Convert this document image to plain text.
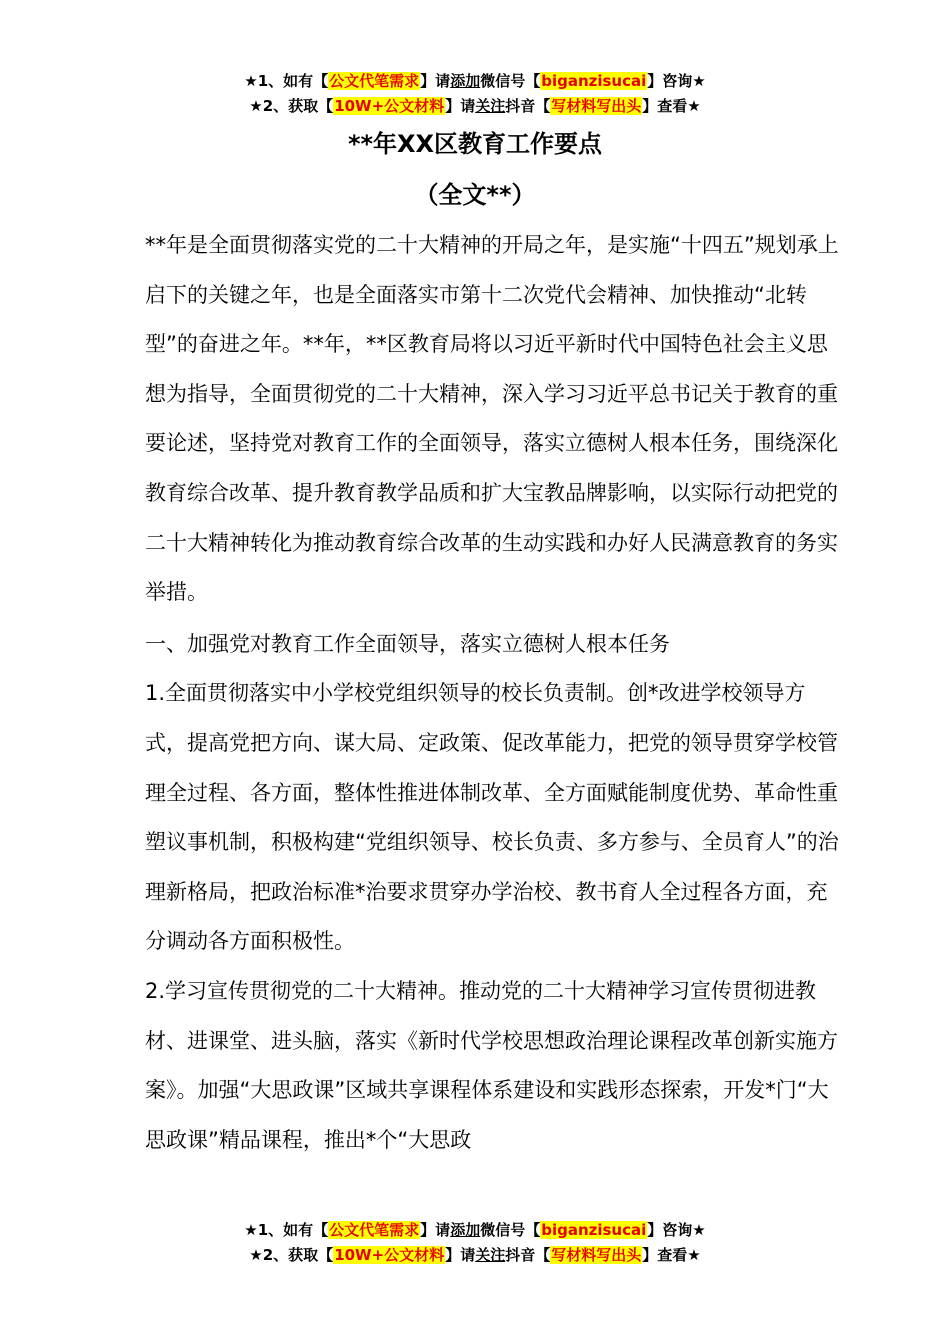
★1、如有【公文代笔需求】请添加微信号【biganzisucai】咨询★
★2、获取【10W+公文材料】请关注抖音【写材料写出头】查看★
**年XX区教育工作要点
（全文**）

**年是全面贯彻落实党的二十大精神的开局之年，是实施“十四五”规划承上启下的关键之年，也是全面落实市第十二次党代会精神、加快推动“北转型”的奋进之年。**年，**区教育局将以习近平新时代中国特色社会主义思想为指导，全面贯彻党的二十大精神，深入学习习近平总书记关于教育的重要论述，坚持党对教育工作的全面领导，落实立德树人根本任务，围绕深化教育综合改革、提升教育教学品质和扩大宝教品牌影响，以实际行动把党的二十大精神转化为推动教育综合改革的生动实践和办好人民满意教育的务实举措。

一、加强党对教育工作全面领导，落实立德树人根本任务

1.全面贯彻落实中小学校党组织领导的校长负责制。创*改进学校领导方式，提高党把方向、谋大局、定政策、促改革能力，把党的领导贯穿学校管理全过程、各方面，整体性推进体制改革、全方面赋能制度优势、革命性重塑议事机制，积极构建“党组织领导、校长负责、多方参与、全员育人”的治理新格局，把政治标准*治要求贯穿办学治校、教书育人全过程各方面，充分调动各方面积极性。

2.学习宣传贯彻党的二十大精神。推动党的二十大精神学习宣传贯彻进教材、进课堂、进头脑，落实《新时代学校思想政治理论课程改革创新实施方案》。加强“大思政课”区域共享课程体系建设和实践形态探索，开发*门“大思政课”精品课程，推出*个“大思政

★1、如有【公文代笔需求】请添加微信号【biganzisucai】咨询★
★2、获取【10W+公文材料】请关注抖音【写材料写出头】查看★
